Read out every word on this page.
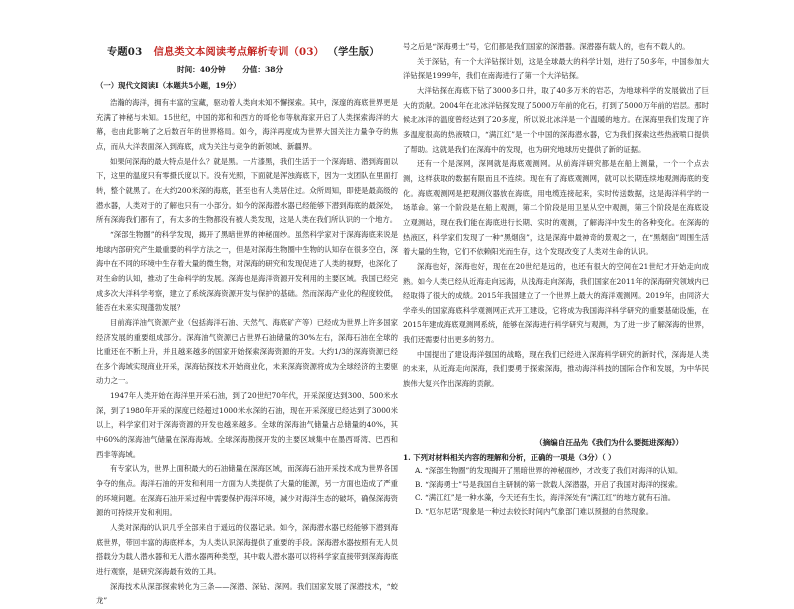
专题03 信息类文本阅读考点解析专训（03） （学生版）
时间：40分钟 分值：38分
（一）现代文阅读Ⅰ（本题共5小题，19分）

浩瀚的海洋，拥有丰富的宝藏，驱动着人类向未知不懈探索。其中，深邃的海底世界更是充满了神秘与未知。15世纪，中国的郑和和西方的哥伦布等航海家开启了人类探索海洋的大幕，也由此影响了之后数百年的世界格局。如今，海洋再度成为世界大国关注力量争夺的焦点，而从大洋表面深入到海底，成为关注与竞争的新领域、新疆界。

如果问深海的最大特点是什么？就是黑。一片漆黑，我们生活于一个深海暗、潜到海面以下，这里的温度只有零摄氏度以下。没有光照，下面就是浑浊海底下，因为一支团队在里面打转，整个就黑了。在大约200米深的海底，甚至也有人类居住过。众所周知，即使是最高级的潜水器，人类对于的了解也只有一小部分。如今的深海潜水器已经能够下潜到海底的最深处，所有深海我们都有了，有太多的生物都没有被人类发现，这是人类在我们所认识的一个地方。

“深部生物圈”的科学发现，揭开了黑暗世界的神秘面纱。虽然科学家对于深海海底来说是地球内部研究产生最重要的科学方法之一，但是对深海生物圈中生物的认知存在很多空白，深海中在不同的环境中生存着大量的微生物，对深海的研究和发现促进了人类的视野，也深化了对生命的认知，推动了生命科学的发展。深海也是海洋资源开发利用的主要区域。我国已经完成多次大洋科学考察，建立了系统深海资源开发与保护的基础。然而深海产业化的程度较低，能否在未来实现蓬勃发展？

目前海洋油气资源产业（包括海洋石油、天然气、海底矿产等）已经成为世界上许多国家经济发展的重要组成部分。深海油气资源已占世界石油储量的30%左右，深海石油在全球的比重还在不断上升，并且越来越多的国家开始探索深海资源的开发。大约1/3的深海资源已经在多个海域实现商业开采，深海钻探技术开始商业化，未来深海资源将成为全球经济的主要驱动力之一。

1947年人类开始在海洋里开采石油，到了20世纪70年代，开采深度达到300、500米水深，到了1980年开采的深度已经超过1000米水深的石油，现在开采深度已经达到了3000米以上，科学家们对于深海资源的开发也越来越多。全球的深海油气储量占总储量的40%，其中60%的深海油气储量在深海海域。全球深海勘探开发的主要区域集中在墨西哥湾、巴西和西非等海域。

有专家认为，世界上面积最大的石油储量在深海区域，而深海石油开采技术成为世界各国争夺的焦点。海洋石油的开发和利用一方面为人类提供了大量的能源，另一方面也造成了严重的环境问题。在深海石油开采过程中需要保护海洋环境，减少对海洋生态的破坏，确保深海资源的可持续开发和利用。

人类对深海的认识几乎全部来自于遥远的仪器记录。如今，深海潜水器已经能够下潜到海底世界，带回丰富的海底样本，为人类认识深海提供了重要的手段。深海潜水器按照有无人员搭载分为载人潜水器和无人潜水器两种类型，其中载人潜水器可以将科学家直接带到深海海底进行观察，是研究深海最有效的工具。

深海技术从深部探索转化为三条——深潜、深钻、深网。我们国家发展了深潜技术，“蛟龙”

号之后是“深海勇士”号，它们都是我们国家的深潜器。深潜器有载人的，也有不载人的。

关于深钻，有一个大洋钻探计划，这是全球最大的科学计划，进行了50多年，中国参加大洋钻探是1999年，我们在南海进行了第一个大洋钻探。

大洋钻探在海底下钻了3000多口井，取了40多万米的岩芯，为地球科学的发展做出了巨大的贡献。2004年在北冰洋钻探发现了5000万年前的化石，打到了5000万年前的岩层。那时候北冰洋的温度曾经达到了20多度，所以说北冰洋是一个温暖的地方。在深海里我们发现了许多温度很高的热液喷口，“满江红”是一个中国的深海潜水器，它为我们探索这些热液喷口提供了帮助。这就是我们在深海中的发现，也为研究地球历史提供了新的证据。

还有一个是深网，深网就是海底观测网。从前海洋研究都是在船上测量，一个一个点去测，这样获取的数据有限而且不连续。现在有了海底观测网，就可以长期连续地观测海底的变化。海底观测网是把观测仪器放在海底，用电缆连接起来，实时传送数据，这是海洋科学的一场革命。第一个阶段是在船上观测，第二个阶段是用卫星从空中观测，第三个阶段是在海底设立观测站，现在我们能在海底进行长期、实时的观测，了解海洋中发生的各种变化。在深海的热液区，科学家们发现了一种“黑烟囱”，这是深海中最神奇的景观之一，在“黑烟囱”周围生活着大量的生物，它们不依赖阳光而生存，这个发现改变了人类对生命的认识。

深海也好，深海也好，现在在20世纪是远的，也还有很大的空间在21世纪才开始走向成熟。如今人类已经从近海走向远海，从浅海走向深海，我们国家在2011年的深海研究领域内已经取得了很大的成绩。2015年我国建立了一个世界上最大的海洋观测网。2019年，由同济大学牵头的国家海底科学观测网正式开工建设，它将成为我国海洋科学研究的重要基础设施，在2015年建成海底观测网系统，能够在深海进行科学研究与观测，为了进一步了解深海的世界，我们还需要付出更多的努力。

中国提出了建设海洋强国的战略，现在我们已经进入深海科学研究的新时代，深海是人类的未来，从近海走向深海，我们要勇于探索深海，推动海洋科技的国际合作和发展，为中华民族伟大复兴作出深海的贡献。

（摘编自汪品先《我们为什么要挺进深海》）
1. 下列对材料相关内容的理解和分析，正确的一项是（3分）（ ）
A. “深部生物圈”的发现揭开了黑暗世界的神秘面纱，才改变了我们对海洋的认知。
B. “深海勇士”号是我国自主研制的第一款载人深潜器，开启了我国对海洋的探索。
C. “满江红”是一种水藻，今天还有生长，海洋深处有“满江红”的地方就有石油。
D. “厄尔尼诺”现象是一种过去较长时间内气象部门难以预报的自然现象。
